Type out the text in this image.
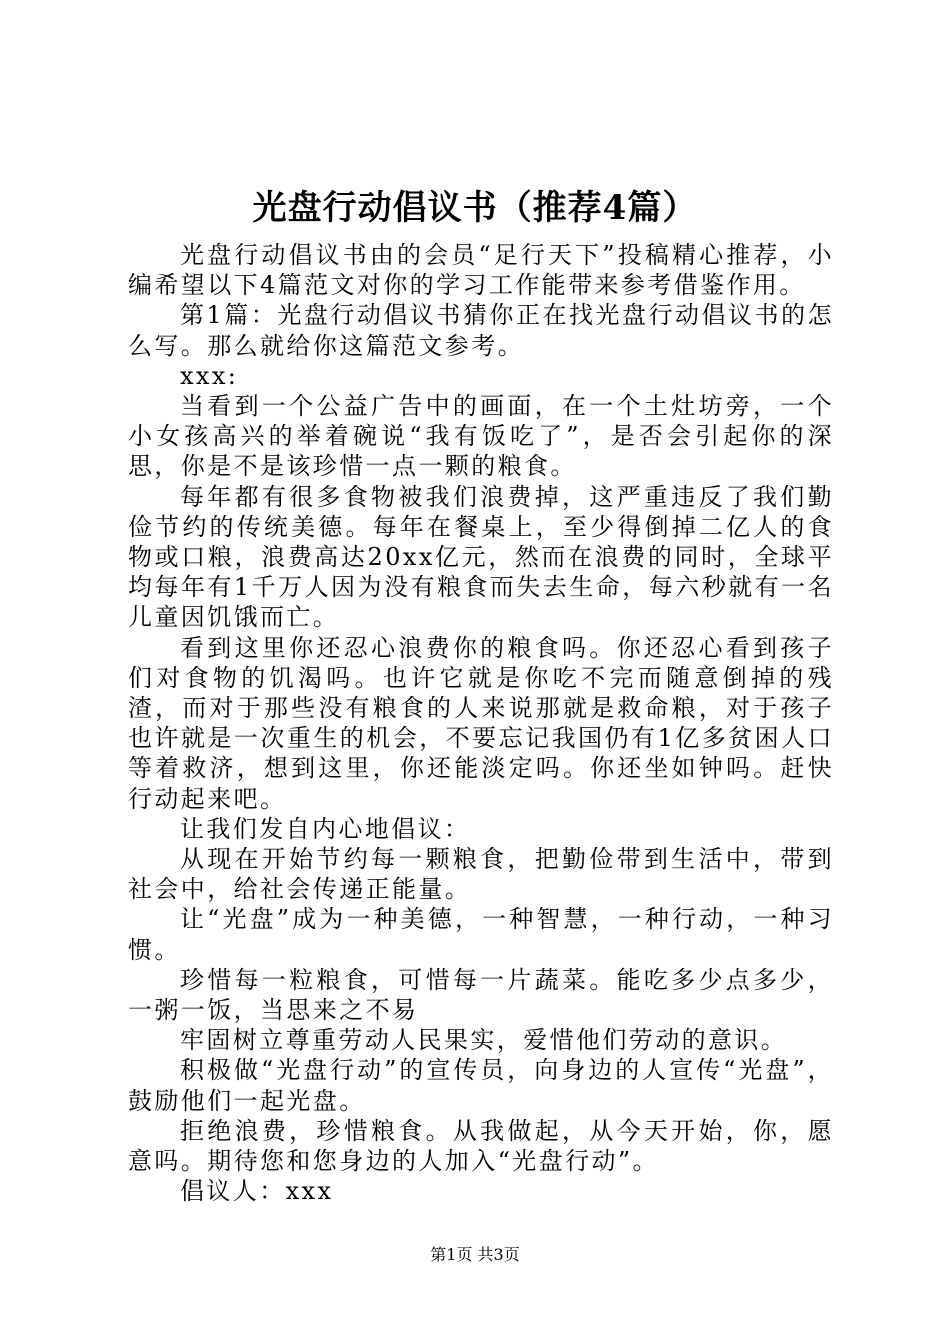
光盘行动倡议书（推荐4篇）

光盘行动倡议书由的会员“足行天下”投稿精心推荐，小编希望以下4篇范文对你的学习工作能带来参考借鉴作用。

第1篇：光盘行动倡议书猜你正在找光盘行动倡议书的怎么写。那么就给你这篇范文参考。

xxx:

当看到一个公益广告中的画面，在一个土灶坊旁，一个小女孩高兴的举着碗说“我有饭吃了”，是否会引起你的深思，你是不是该珍惜一点一颗的粮食。

每年都有很多食物被我们浪费掉，这严重违反了我们勤俭节约的传统美德。每年在餐桌上，至少得倒掉二亿人的食物或口粮，浪费高达20xx亿元，然而在浪费的同时，全球平均每年有1千万人因为没有粮食而失去生命，每六秒就有一名儿童因饥饿而亡。

看到这里你还忍心浪费你的粮食吗。你还忍心看到孩子们对食物的饥渴吗。也许它就是你吃不完而随意倒掉的残渣，而对于那些没有粮食的人来说那就是救命粮，对于孩子也许就是一次重生的机会，不要忘记我国仍有1亿多贫困人口等着救济，想到这里，你还能淡定吗。你还坐如钟吗。赶快行动起来吧。

让我们发自内心地倡议：

从现在开始节约每一颗粮食，把勤俭带到生活中，带到社会中，给社会传递正能量。

让“光盘”成为一种美德，一种智慧，一种行动，一种习惯。

珍惜每一粒粮食，可惜每一片蔬菜。能吃多少点多少，一粥一饭，当思来之不易

牢固树立尊重劳动人民果实，爱惜他们劳动的意识。

积极做“光盘行动”的宣传员，向身边的人宣传“光盘”，鼓励他们一起光盘。

拒绝浪费，珍惜粮食。从我做起，从今天开始，你，愿意吗。期待您和您身边的人加入“光盘行动”。

倡议人：xxx

第1页 共3页
